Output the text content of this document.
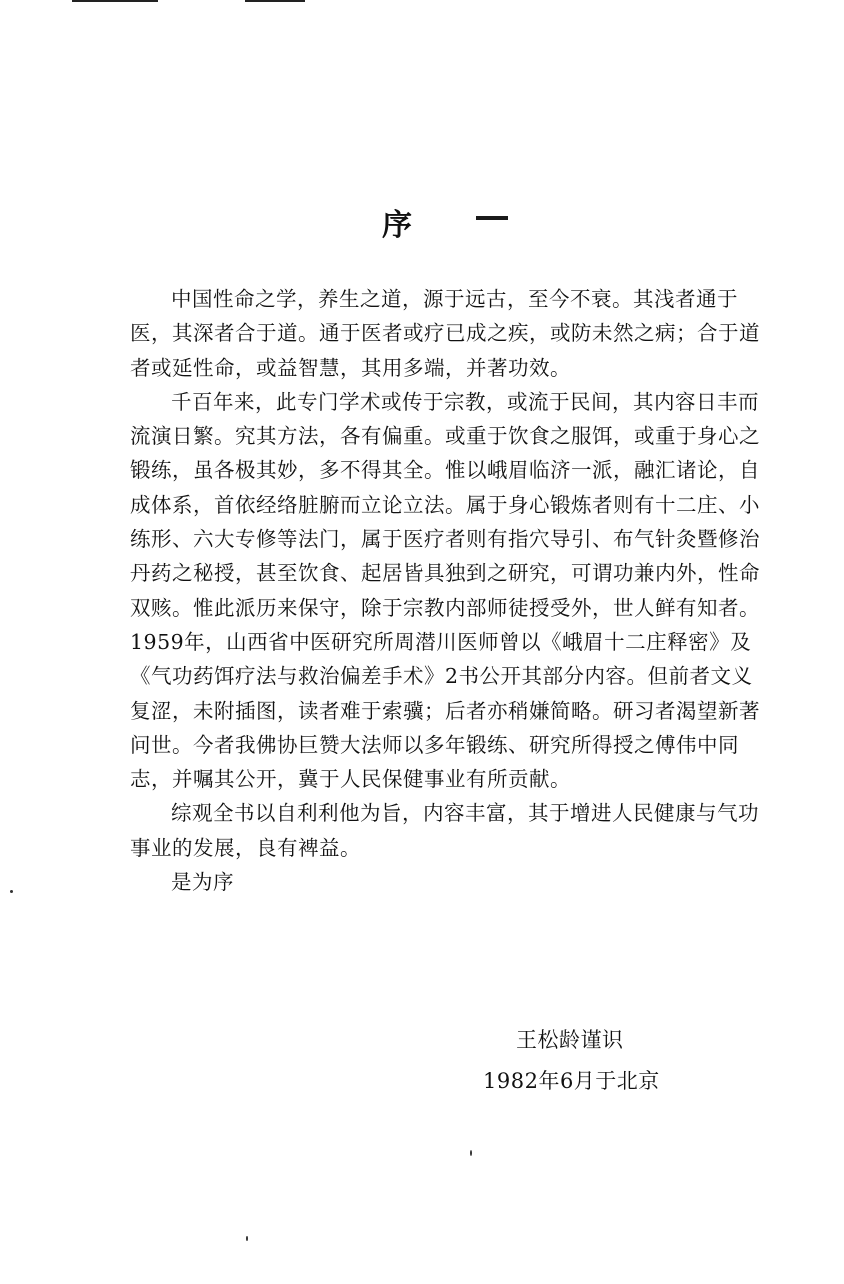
序

中国性命之学，养生之道，源于远古，至今不衰。其浅者通于医，其深者合于道。通于医者或疗已成之疾，或防未然之病；合于道者或延性命，或益智慧，其用多端，并著功效。

千百年来，此专门学术或传于宗教，或流于民间，其内容日丰而流演日繁。究其方法，各有偏重。或重于饮食之服饵，或重于身心之锻练，虽各极其妙，多不得其全。惟以峨眉临济一派，融汇诸论，自成体系，首依经络脏腑而立论立法。属于身心锻炼者则有十二庄、小练形、六大专修等法门，属于医疗者则有指穴导引、布气针灸暨修治丹药之秘授，甚至饮食、起居皆具独到之研究，可谓功兼内外，性命双赅。惟此派历来保守，除于宗教内部师徒授受外，世人鲜有知者。1959年，山西省中医研究所周潜川医师曾以《峨眉十二庄释密》及《气功药饵疗法与救治偏差手术》2书公开其部分内容。但前者文义复涩，未附插图，读者难于索骥；后者亦稍嫌简略。研习者渴望新著问世。今者我佛协巨赞大法师以多年锻练、研究所得授之傅伟中同志，并嘱其公开，冀于人民保健事业有所贡献。

综观全书以自利利他为旨，内容丰富，其于增进人民健康与气功事业的发展，良有裨益。

是为序

王松龄谨识
1982年6月于北京
